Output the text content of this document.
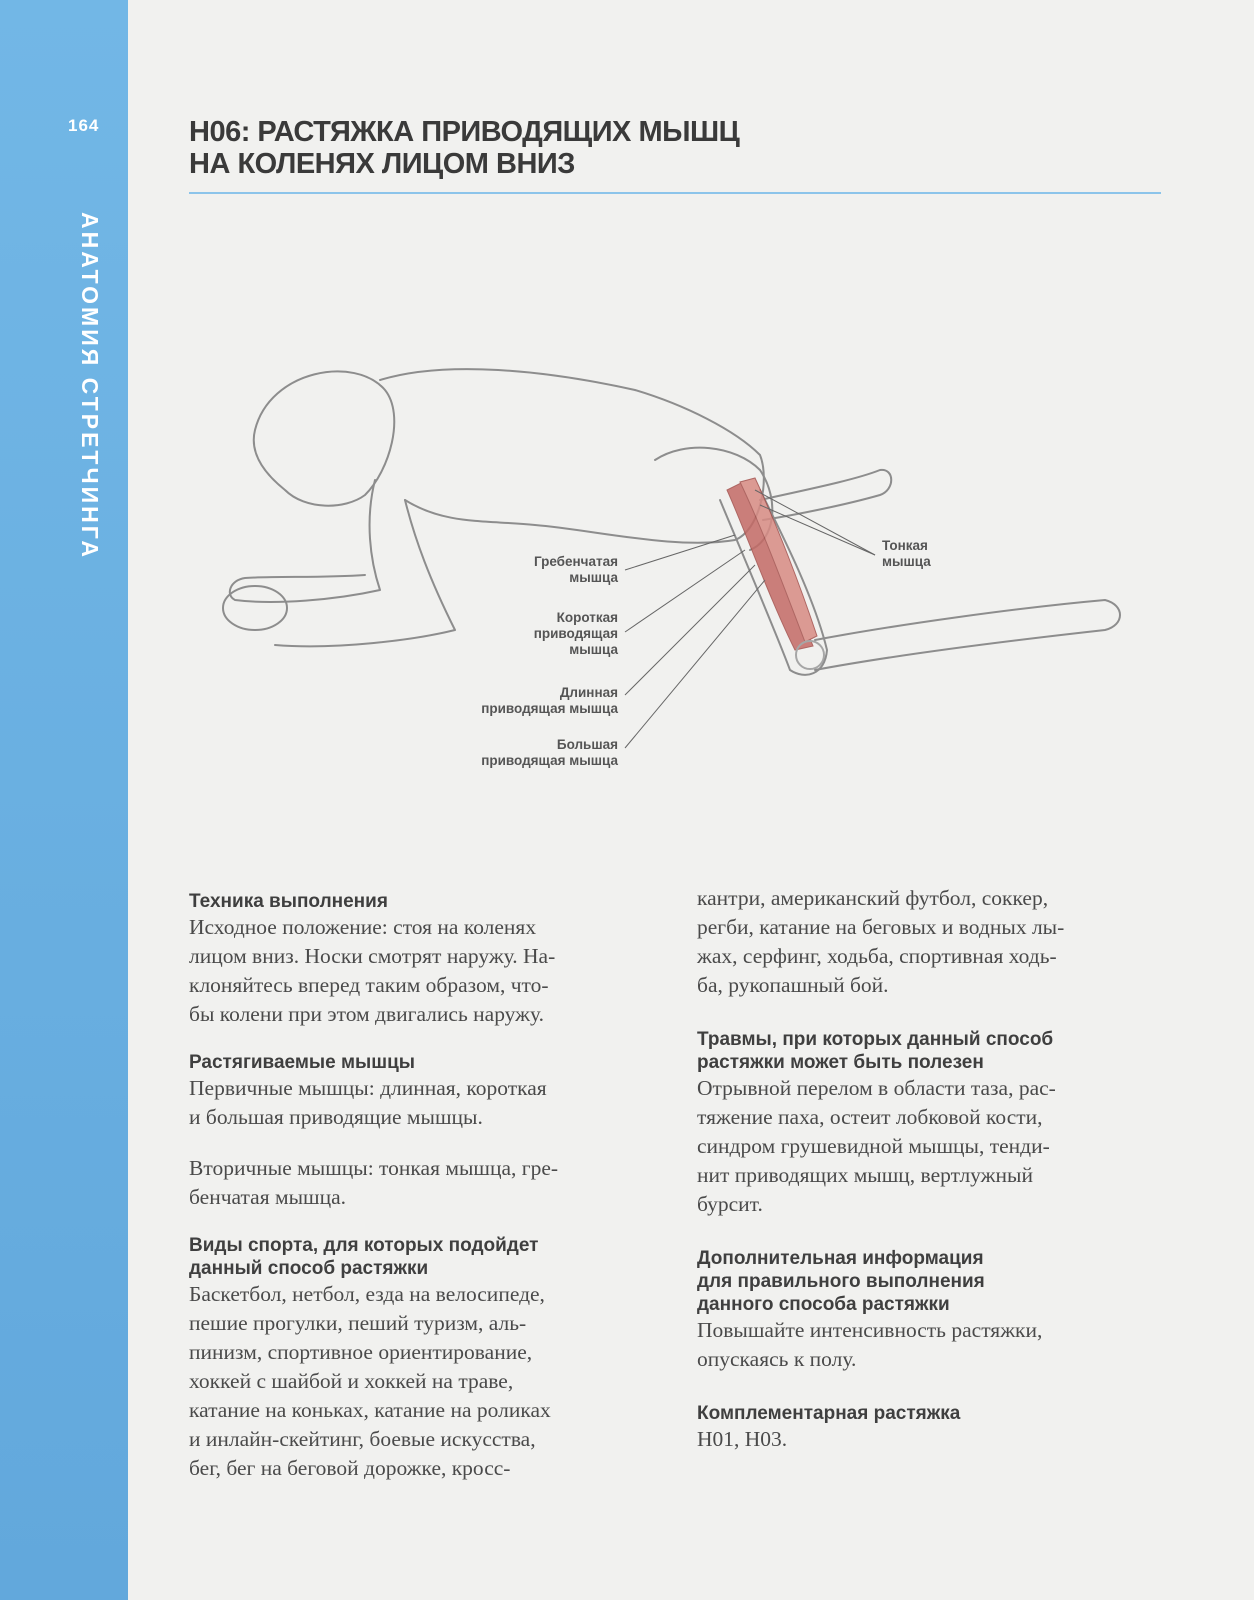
164
АНАТОМИЯ СТРЕТЧИНГА
H06: РАСТЯЖКА ПРИВОДЯЩИХ МЫШЦ
НА КОЛЕНЯХ ЛИЦОМ ВНИЗ
Гребенчатая
мышца
Короткая
приводящая
мышца
Длинная
приводящая мышца
Большая
приводящая мышца
Тонкая
мышца
Техника выполнения

Исходное положение: стоя на коленях
лицом вниз. Носки смотрят наружу. На-
клоняйтесь вперед таким образом, что-
бы колени при этом двигались наружу.

Растягиваемые мышцы

Первичные мышцы: длинная, короткая
и большая приводящие мышцы.

Вторичные мышцы: тонкая мышца, гре-
бенчатая мышца.

Виды спорта, для которых подойдет
данный способ растяжки

Баскетбол, нетбол, езда на велосипеде,
пешие прогулки, пеший туризм, аль-
пинизм, спортивное ориентирование,
хоккей с шайбой и хоккей на траве,
катание на коньках, катание на роликах
и инлайн-скейтинг, боевые искусства,
бег, бег на беговой дорожке, кросс-

кантри, американский футбол, соккер,
регби, катание на беговых и водных лы-
жах, серфинг, ходьба, спортивная ходь-
ба, рукопашный бой.

Травмы, при которых данный способ
растяжки может быть полезен

Отрывной перелом в области таза, рас-
тяжение паха, остеит лобковой кости,
синдром грушевидной мышцы, тенди-
нит приводящих мышц, вертлужный
бурсит.

Дополнительная информация
для правильного выполнения
данного способа растяжки

Повышайте интенсивность растяжки,
опускаясь к полу.

Комплементарная растяжка

H01, H03.
